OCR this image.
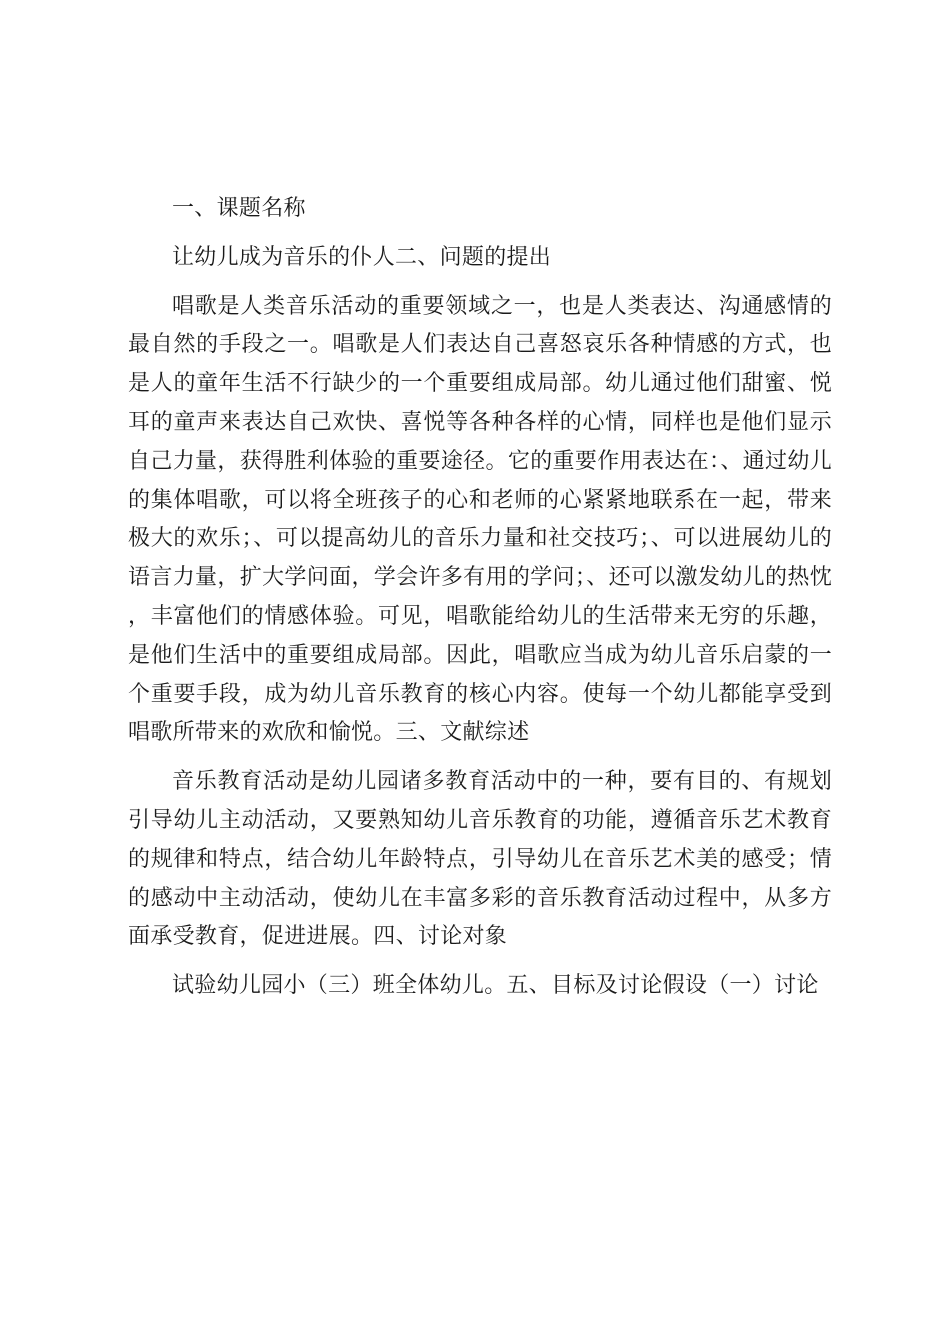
一、课题名称

让幼儿成为音乐的仆人二、问题的提出

唱歌是人类音乐活动的重要领域之一，也是人类表达、沟通感情的最自然的手段之一。唱歌是人们表达自己喜怒哀乐各种情感的方式，也是人的童年生活不行缺少的一个重要组成局部。幼儿通过他们甜蜜、悦耳的童声来表达自己欢快、喜悦等各种各样的心情，同样也是他们显示自己力量，获得胜利体验的重要途径。它的重要作用表达在：、通过幼儿的集体唱歌，可以将全班孩子的心和老师的心紧紧地联系在一起，带来极大的欢乐；、可以提高幼儿的音乐力量和社交技巧；、可以进展幼儿的语言力量，扩大学问面，学会许多有用的学问；、还可以激发幼儿的热忱，丰富他们的情感体验。可见，唱歌能给幼儿的生活带来无穷的乐趣，是他们生活中的重要组成局部。因此，唱歌应当成为幼儿音乐启蒙的一个重要手段，成为幼儿音乐教育的核心内容。使每一个幼儿都能享受到唱歌所带来的欢欣和愉悦。三、文献综述

音乐教育活动是幼儿园诸多教育活动中的一种，要有目的、有规划引导幼儿主动活动，又要熟知幼儿音乐教育的功能，遵循音乐艺术教育的规律和特点，结合幼儿年龄特点，引导幼儿在音乐艺术美的感受；情的感动中主动活动，使幼儿在丰富多彩的音乐教育活动过程中，从多方面承受教育，促进进展。四、讨论对象

试验幼儿园小（三）班全体幼儿。五、目标及讨论假设（一）讨论
